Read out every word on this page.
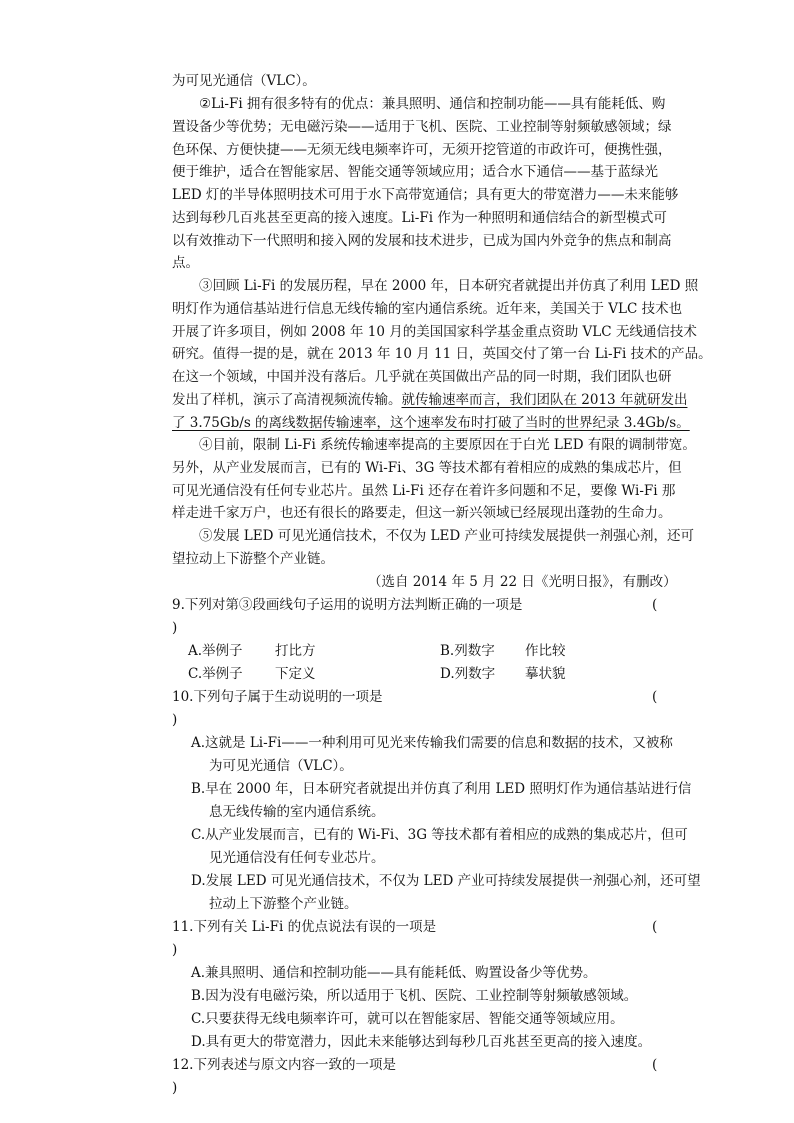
为可见光通信（VLC）。
②Li-Fi 拥有很多特有的优点：兼具照明、通信和控制功能——具有能耗低、购
置设备少等优势；无电磁污染——适用于飞机、医院、工业控制等射频敏感领域；绿
色环保、方便快捷——无须无线电频率许可，无须开挖管道的市政许可，便携性强，
便于维护，适合在智能家居、智能交通等领域应用；适合水下通信——基于蓝绿光
LED 灯的半导体照明技术可用于水下高带宽通信；具有更大的带宽潜力——未来能够
达到每秒几百兆甚至更高的接入速度。Li-Fi 作为一种照明和通信结合的新型模式可
以有效推动下一代照明和接入网的发展和技术进步，已成为国内外竞争的焦点和制高
点。
③回顾 Li-Fi 的发展历程，早在 2000 年，日本研究者就提出并仿真了利用 LED 照
明灯作为通信基站进行信息无线传输的室内通信系统。近年来，美国关于 VLC 技术也
开展了许多项目，例如 2008 年 10 月的美国国家科学基金重点资助 VLC 无线通信技术
研究。值得一提的是，就在 2013 年 10 月 11 日，英国交付了第一台 Li-Fi 技术的产品。
在这一个领域，中国并没有落后。几乎就在英国做出产品的同一时期，我们团队也研
发出了样机，演示了高清视频流传输。就传输速率而言，我们团队在 2013 年就研发出
了 3.75Gb/s 的离线数据传输速率，这个速率发布时打破了当时的世界纪录 3.4Gb/s。
④目前，限制 Li-Fi 系统传输速率提高的主要原因在于白光 LED 有限的调制带宽。
另外，从产业发展而言，已有的 Wi-Fi、3G 等技术都有着相应的成熟的集成芯片，但
可见光通信没有任何专业芯片。虽然 Li-Fi 还存在着许多问题和不足，要像 Wi-Fi 那
样走进千家万户，也还有很长的路要走，但这一新兴领域已经展现出蓬勃的生命力。
⑤发展 LED 可见光通信技术，不仅为 LED 产业可持续发展提供一剂强心剂，还可
望拉动上下游整个产业链。
（选自 2014 年 5 月 22 日《光明日报》，有删改）
9.下列对第③段画线句子运用的说明方法判断正确的一项是	(
)
A.举例子 打比方	B.列数字 作比较
C.举例子 下定义	D.列数字 摹状貌
10.下列句子属于生动说明的一项是	(
)
A.这就是 Li-Fi——一种利用可见光来传输我们需要的信息和数据的技术，又被称
为可见光通信（VLC）。
B.早在 2000 年，日本研究者就提出并仿真了利用 LED 照明灯作为通信基站进行信
息无线传输的室内通信系统。
C.从产业发展而言，已有的 Wi-Fi、3G 等技术都有着相应的成熟的集成芯片，但可
见光通信没有任何专业芯片。
D.发展 LED 可见光通信技术，不仅为 LED 产业可持续发展提供一剂强心剂，还可望
拉动上下游整个产业链。
11.下列有关 Li-Fi 的优点说法有误的一项是	(
)
A.兼具照明、通信和控制功能——具有能耗低、购置设备少等优势。
B.因为没有电磁污染，所以适用于飞机、医院、工业控制等射频敏感领域。
C.只要获得无线电频率许可，就可以在智能家居、智能交通等领域应用。
D.具有更大的带宽潜力，因此未来能够达到每秒几百兆甚至更高的接入速度。
12.下列表述与原文内容一致的一项是	(
)
